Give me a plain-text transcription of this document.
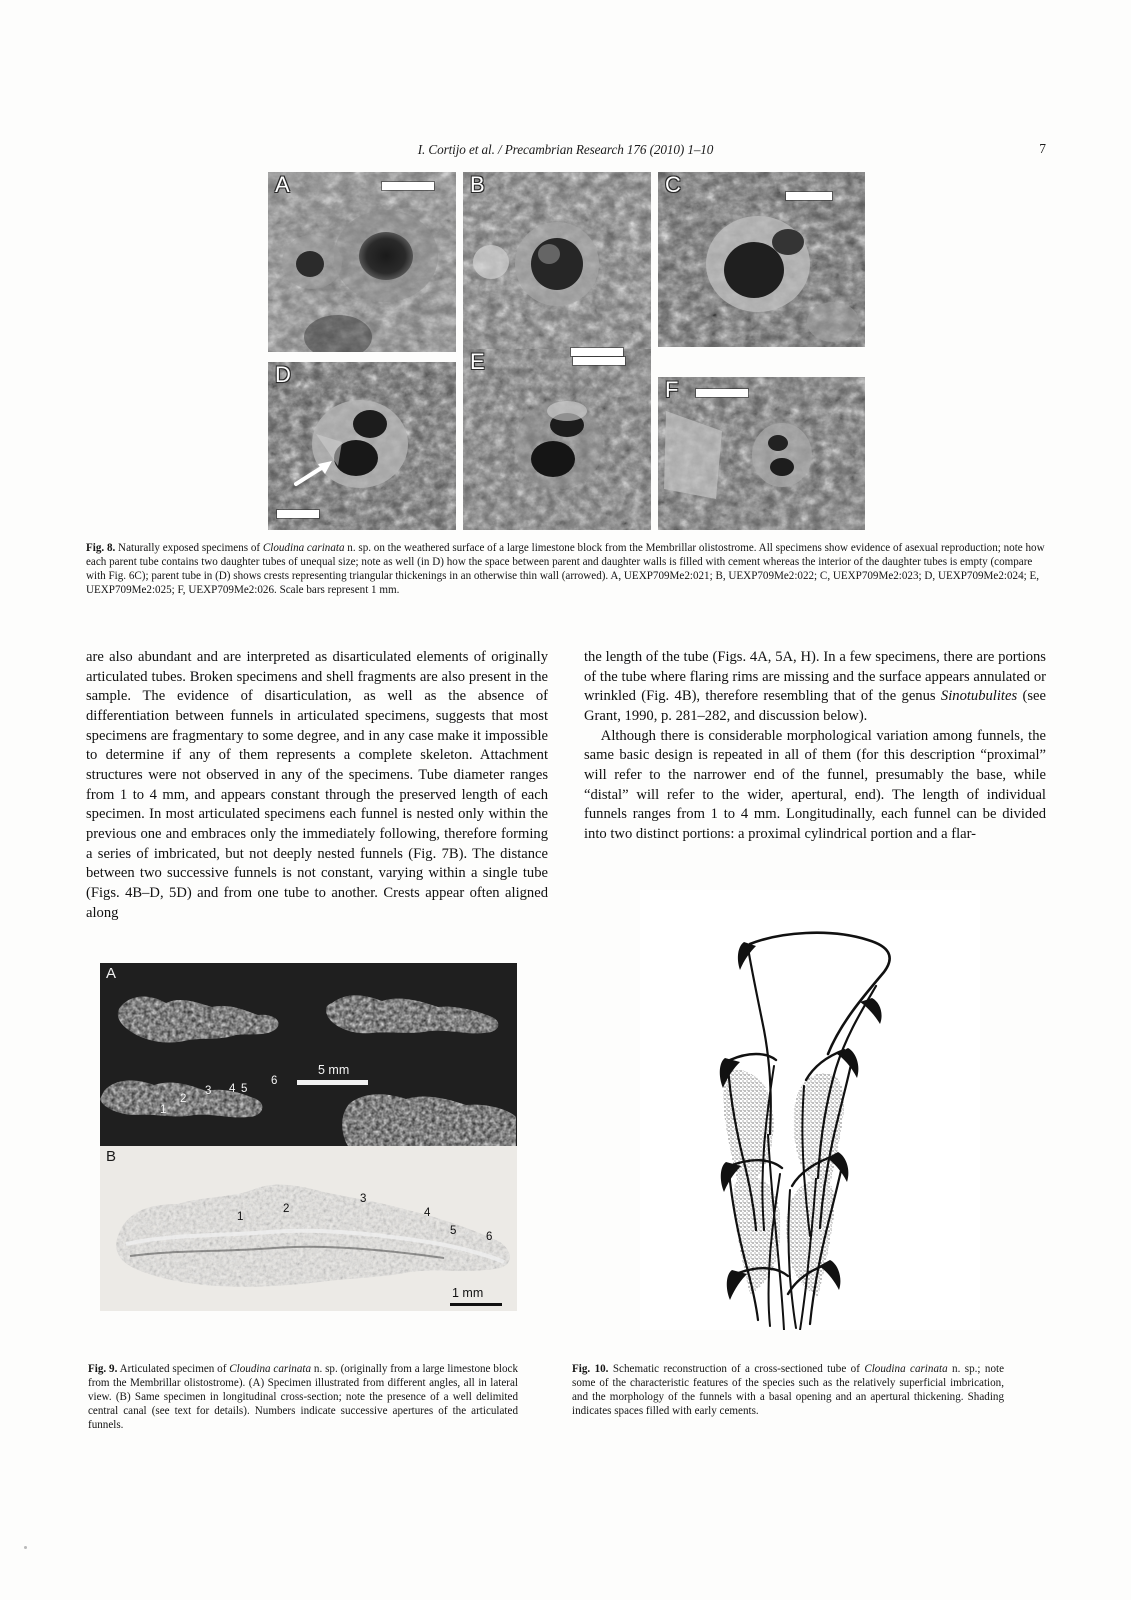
I. Cortijo et al. / Precambrian Research 176 (2010) 1–10	7
A	B	C
D
E
F
Fig. 8. Naturally exposed specimens of Cloudina carinata n. sp. on the weathered surface of a large limestone block from the Membrillar olistostrome. All specimens show evidence of asexual reproduction; note how each parent tube contains two daughter tubes of unequal size; note as well (in D) how the space between parent and daughter walls is filled with cement whereas the interior of the daughter tubes is empty (compare with Fig. 6C); parent tube in (D) shows crests representing triangular thickenings in an otherwise thin wall (arrowed). A, UEXP709Me2:021; B, UEXP709Me2:022; C, UEXP709Me2:023; D, UEXP709Me2:024; E, UEXP709Me2:025; F, UEXP709Me2:026. Scale bars represent 1 mm.

are also abundant and are interpreted as disarticulated elements of originally articulated tubes. Broken specimens and shell fragments are also present in the sample. The evidence of disarticulation, as well as the absence of differentiation between funnels in articulated specimens, suggests that most specimens are fragmentary to some degree, and in any case make it impossible to determine if any of them represents a complete skeleton. Attachment structures were not observed in any of the specimens. Tube diameter ranges from 1 to 4 mm, and appears constant through the preserved length of each specimen. In most articulated specimens each funnel is nested only within the previous one and embraces only the immediately following, therefore forming a series of imbricated, but not deeply nested funnels (Fig. 7B). The distance between two successive funnels is not constant, varying within a single tube (Figs. 4B–D, 5D) and from one tube to another. Crests appear often aligned along

the length of the tube (Figs. 4A, 5A, H). In a few specimens, there are portions of the tube where flaring rims are missing and the surface appears annulated or wrinkled (Fig. 4B), therefore resembling that of the genus Sinotubulites (see Grant, 1990, p. 281–282, and discussion below).

Although there is considerable morphological variation among funnels, the same basic design is repeated in all of them (for this description “proximal” will refer to the narrower end of the funnel, presumably the base, while “distal” will refer to the wider, apertural, end). The length of individual funnels ranges from 1 to 4 mm. Longitudinally, each funnel can be divided into two distinct portions: a proximal cylindrical portion and a flar-

A
1
2
3 4 5
6
5 mm
B
1
2
3
4
5	6
1 mm
Fig. 9. Articulated specimen of Cloudina carinata n. sp. (originally from a large limestone block from the Membrillar olistostrome). (A) Specimen illustrated from different angles, all in lateral view. (B) Same specimen in longitudinal cross-section; note the presence of a well delimited central canal (see text for details). Numbers indicate successive apertures of the articulated funnels.
Fig. 10. Schematic reconstruction of a cross-sectioned tube of Cloudina carinata n. sp.; note some of the characteristic features of the species such as the relatively superficial imbrication, and the morphology of the funnels with a basal opening and an apertural thickening. Shading indicates spaces filled with early cements.
